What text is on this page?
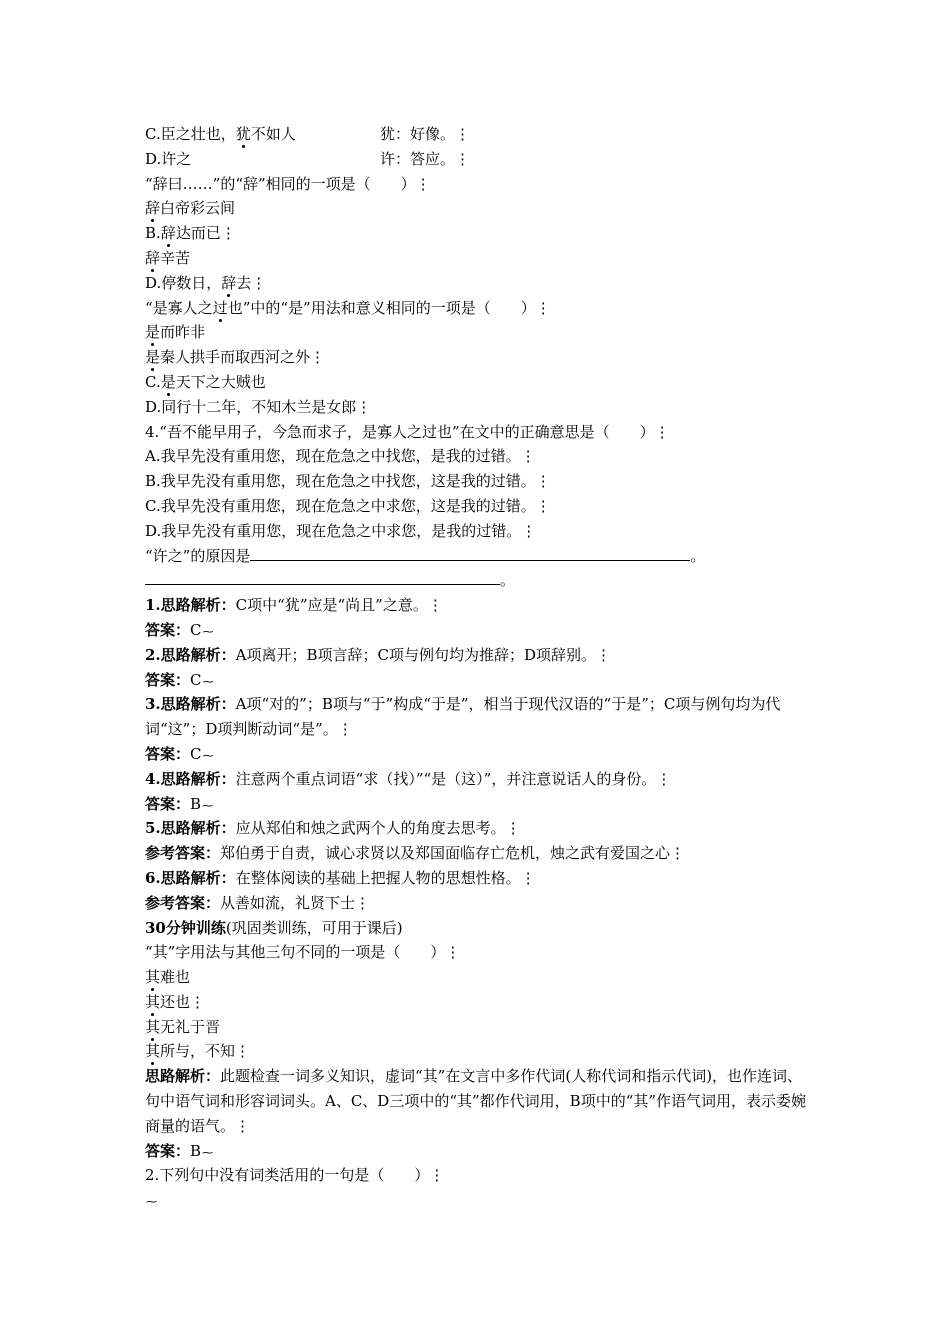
C.臣之壮也，犹不如人	犹：好像。⋮
D.许之	许：答应。⋮
“辞曰……”的“辞”相同的一项是（　　）⋮
辞白帝彩云间
B.辞达而已⋮
辞辛苦
D.停数日，辞去⋮
“是寡人之过也”中的“是”用法和意义相同的一项是（　　）⋮
是而昨非
是秦人拱手而取西河之外⋮
C.是天下之大贼也
D.同行十二年，不知木兰是女郎⋮
4.“吾不能早用子，今急而求子，是寡人之过也”在文中的正确意思是（　　）⋮
A.我早先没有重用您，现在危急之中找您，是我的过错。⋮
B.我早先没有重用您，现在危急之中找您，这是我的过错。⋮
C.我早先没有重用您，现在危急之中求您，这是我的过错。⋮
D.我早先没有重用您，现在危急之中求您，是我的过错。⋮
“许之”的原因是	。
。
1.思路解析：C项中“犹”应是“尚且”之意。⋮
答案：C⁓
2.思路解析：A项离开；B项言辞；C项与例句均为推辞；D项辞别。⋮
答案：C⁓
3.思路解析：A项“对的”；B项与“于”构成“于是”，相当于现代汉语的“于是”；C项与例句均为代词“这”；D项判断动词“是”。⋮
答案：C⁓
4.思路解析：注意两个重点词语“求（找）”“是（这）”，并注意说话人的身份。⋮
答案：B⁓
5.思路解析：应从郑伯和烛之武两个人的角度去思考。⋮
参考答案：郑伯勇于自责，诚心求贤以及郑国面临存亡危机，烛之武有爱国之心⋮
6.思路解析：在整体阅读的基础上把握人物的思想性格。⋮
参考答案：从善如流，礼贤下士⋮
30分钟训练(巩固类训练，可用于课后)
“其”字用法与其他三句不同的一项是（　　）⋮
其难也
其还也⋮
其无礼于晋
其所与，不知⋮
思路解析：此题检查一词多义知识，虚词“其”在文言中多作代词(人称代词和指示代词)，也作连词、句中语气词和形容词词头。A、C、D三项中的“其”都作代词用，B项中的“其”作语气词用，表示委婉商量的语气。⋮
答案：B⁓
2.下列句中没有词类活用的一句是（　　）⋮
⁓
